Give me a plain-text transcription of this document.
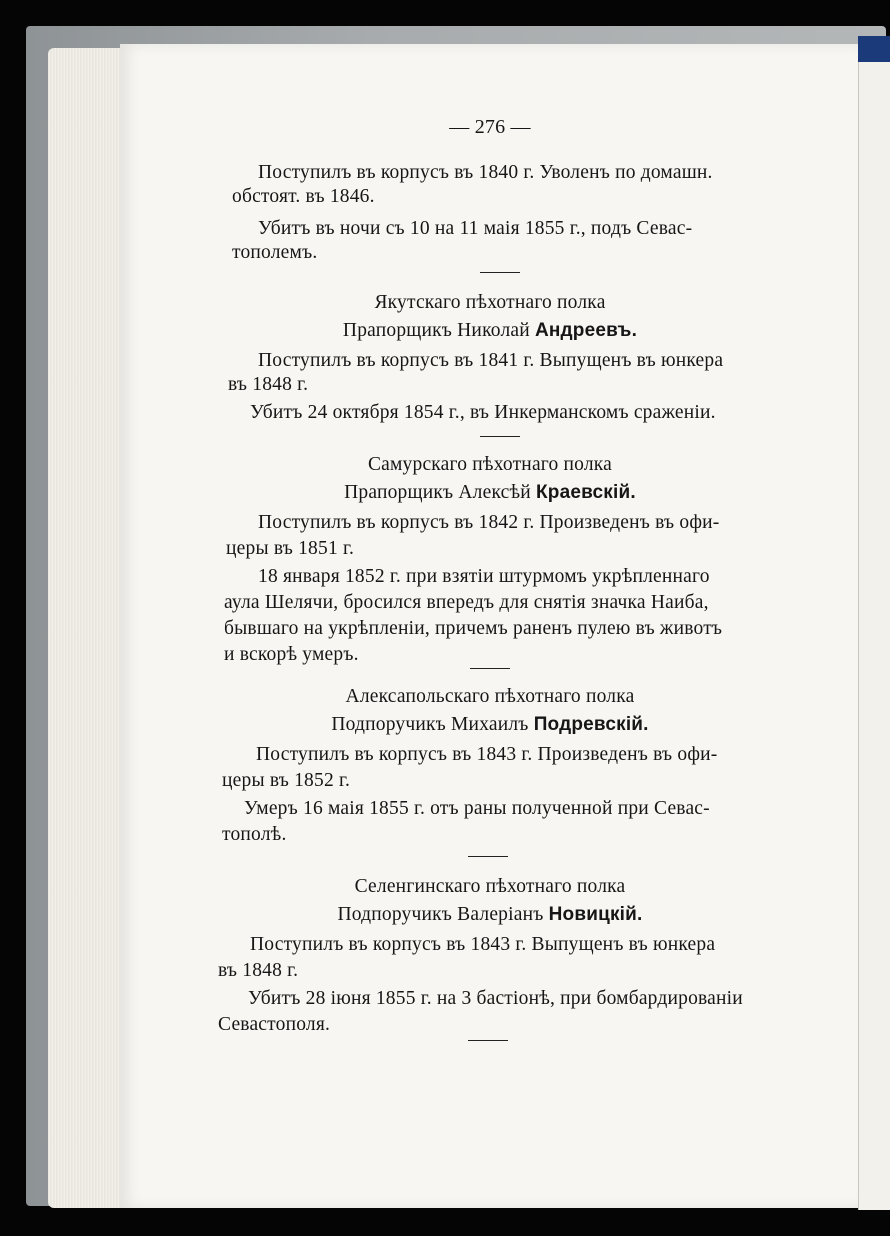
— 276 —
Поступилъ въ корпусъ въ 1840 г. Уволенъ по домашн.
обстоят. въ 1846.
Убитъ въ ночи съ 10 на 11 маія 1855 г., подъ Севас-
тополемъ.
Якутскаго пѣхотнаго полка
Прапорщикъ Николай Андреевъ.
Поступилъ въ корпусъ въ 1841 г. Выпущенъ въ юнкера
въ 1848 г.
Убитъ 24 октября 1854 г., въ Инкерманскомъ сраженіи.
Самурскаго пѣхотнаго полка
Прапорщикъ Алексѣй Краевскій.
Поступилъ въ корпусъ въ 1842 г. Произведенъ въ офи-
церы въ 1851 г.
18 января 1852 г. при взятіи штурмомъ укрѣпленнаго
аула Шелячи, бросился впередъ для снятія значка Наиба,
бывшаго на укрѣпленіи, причемъ раненъ пулею въ животъ
и вскорѣ умеръ.
Алексапольскаго пѣхотнаго полка
Подпоручикъ Михаилъ Подревскій.
Поступилъ въ корпусъ въ 1843 г. Произведенъ въ офи-
церы въ 1852 г.
Умеръ 16 маія 1855 г. отъ раны полученной при Севас-
тополѣ.
Селенгинскаго пѣхотнаго полка
Подпоручикъ Валеріанъ Новицкій.
Поступилъ въ корпусъ въ 1843 г. Выпущенъ въ юнкера
въ 1848 г.
Убитъ 28 іюня 1855 г. на 3 бастіонѣ, при бомбардированіи
Севастополя.
